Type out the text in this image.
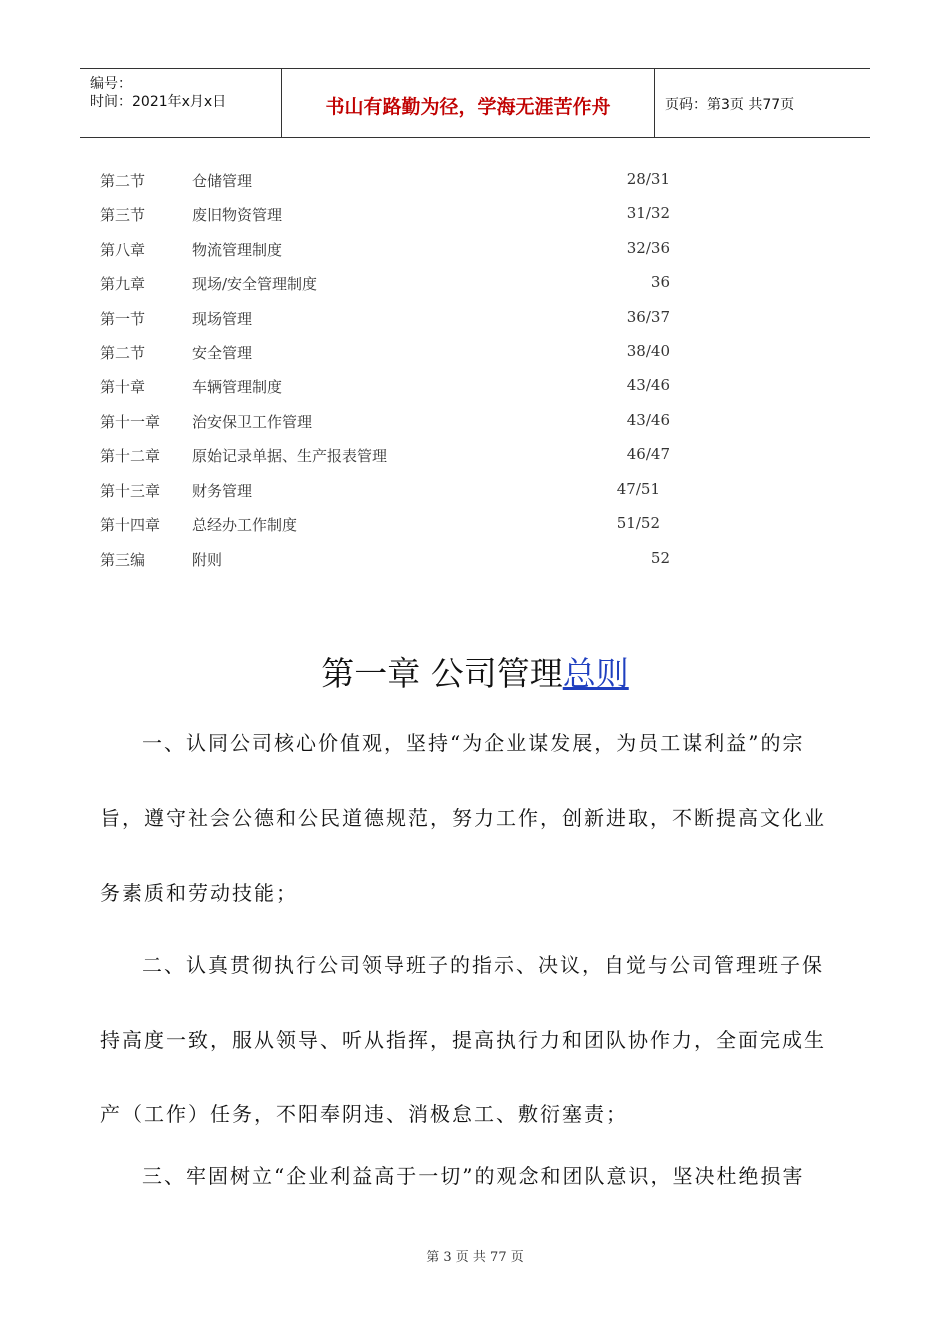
编号：
时间：2021年x月x日	书山有路勤为径，学海无涯苦作舟	页码：第3页 共77页
第二节	仓储管理	28/31
第三节	废旧物资管理	31/32
第八章	物流管理制度	32/36
第九章	现场/安全管理制度	36
第一节	现场管理	36/37
第二节	安全管理	38/40
第十章	车辆管理制度	43/46
第十一章 治安保卫工作管理	43/46
第十二章 原始记录单据、生产报表管理	46/47
第十三章 财务管理	47/51
第十四章 总经办工作制度	51/52
第三编	附则	52
第一章 公司管理总则
一、认同公司核心价值观，坚持“为企业谋发展，为员工谋利益”的宗
旨，遵守社会公德和公民道德规范，努力工作，创新进取，不断提高文化业
务素质和劳动技能；
二、认真贯彻执行公司领导班子的指示、决议，自觉与公司管理班子保
持高度一致，服从领导、听从指挥，提高执行力和团队协作力，全面完成生
产（工作）任务，不阳奉阴违、消极怠工、敷衍塞责；
三、牢固树立“企业利益高于一切”的观念和团队意识，坚决杜绝损害
第 3 页 共 77 页
